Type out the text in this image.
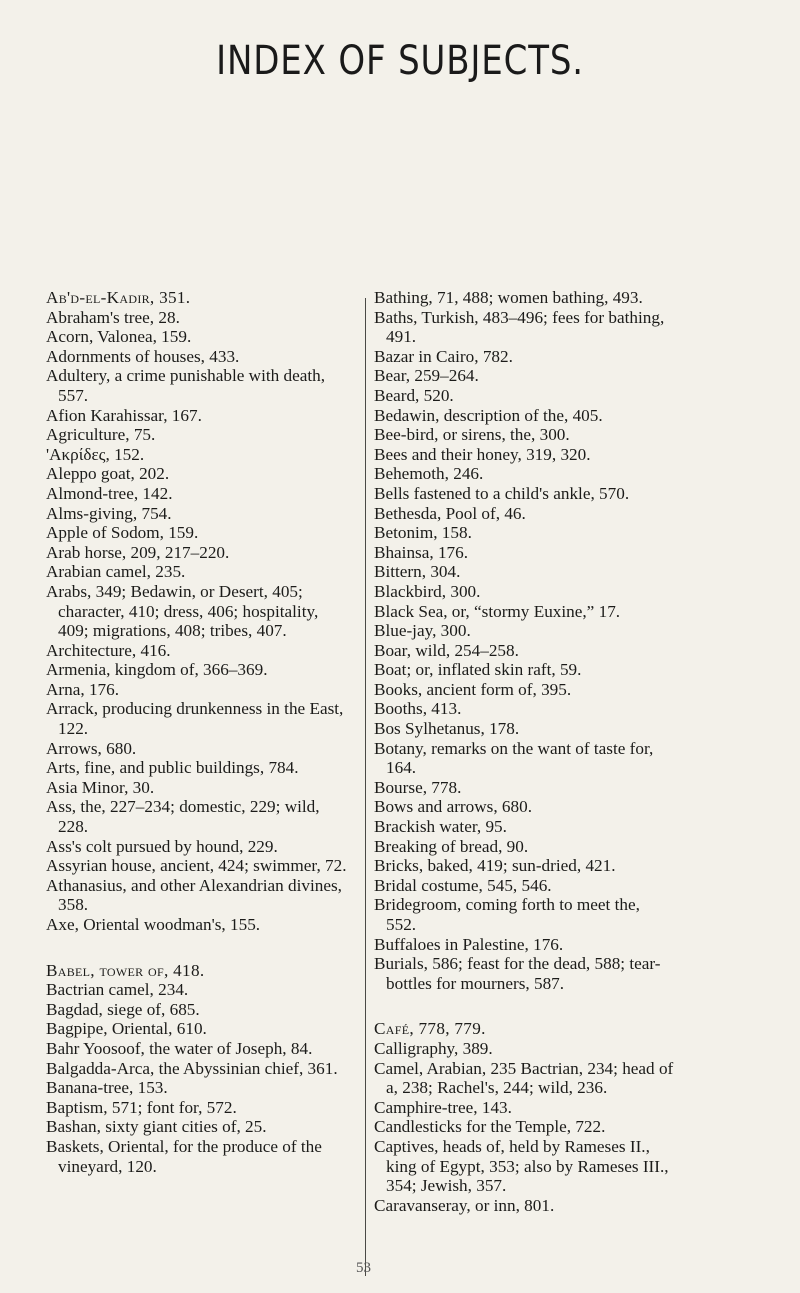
INDEX OF SUBJECTS.

Ab'd-el-Kadir, 351.

Abraham's tree, 28.

Acorn, Valonea, 159.

Adornments of houses, 433.

Adultery, a crime punishable with death, 557.

Afion Karahissar, 167.

Agriculture, 75.

'Ακρίδες, 152.

Aleppo goat, 202.

Almond-tree, 142.

Alms-giving, 754.

Apple of Sodom, 159.

Arab horse, 209, 217–220.

Arabian camel, 235.

Arabs, 349; Bedawin, or Desert, 405; character, 410; dress, 406; hospitality, 409; migrations, 408; tribes, 407.

Architecture, 416.

Armenia, kingdom of, 366–369.

Arna, 176.

Arrack, producing drunkenness in the East, 122.

Arrows, 680.

Arts, fine, and public buildings, 784.

Asia Minor, 30.

Ass, the, 227–234; domestic, 229; wild, 228.

Ass's colt pursued by hound, 229.

Assyrian house, ancient, 424; swimmer, 72.

Athanasius, and other Alexandrian divines, 358.

Axe, Oriental woodman's, 155.

Babel, tower of, 418.

Bactrian camel, 234.

Bagdad, siege of, 685.

Bagpipe, Oriental, 610.

Bahr Yoosoof, the water of Joseph, 84.

Balgadda-Arca, the Abyssinian chief, 361.

Banana-tree, 153.

Baptism, 571; font for, 572.

Bashan, sixty giant cities of, 25.

Baskets, Oriental, for the produce of the vineyard, 120.

Bathing, 71, 488; women bathing, 493.

Baths, Turkish, 483–496; fees for bathing, 491.

Bazar in Cairo, 782.

Bear, 259–264.

Beard, 520.

Bedawin, description of the, 405.

Bee-bird, or sirens, the, 300.

Bees and their honey, 319, 320.

Behemoth, 246.

Bells fastened to a child's ankle, 570.

Bethesda, Pool of, 46.

Betonim, 158.

Bhainsa, 176.

Bittern, 304.

Blackbird, 300.

Black Sea, or, “stormy Euxine,” 17.

Blue-jay, 300.

Boar, wild, 254–258.

Boat; or, inflated skin raft, 59.

Books, ancient form of, 395.

Booths, 413.

Bos Sylhetanus, 178.

Botany, remarks on the want of taste for, 164.

Bourse, 778.

Bows and arrows, 680.

Brackish water, 95.

Breaking of bread, 90.

Bricks, baked, 419; sun-dried, 421.

Bridal costume, 545, 546.

Bridegroom, coming forth to meet the, 552.

Buffaloes in Palestine, 176.

Burials, 586; feast for the dead, 588; tear-bottles for mourners, 587.

Café, 778, 779.

Calligraphy, 389.

Camel, Arabian, 235 Bactrian, 234; head of a, 238; Rachel's, 244; wild, 236.

Camphire-tree, 143.

Candlesticks for the Temple, 722.

Captives, heads of, held by Rameses II., king of Egypt, 353; also by Rameses III., 354; Jewish, 357.

Caravanseray, or inn, 801.

53
